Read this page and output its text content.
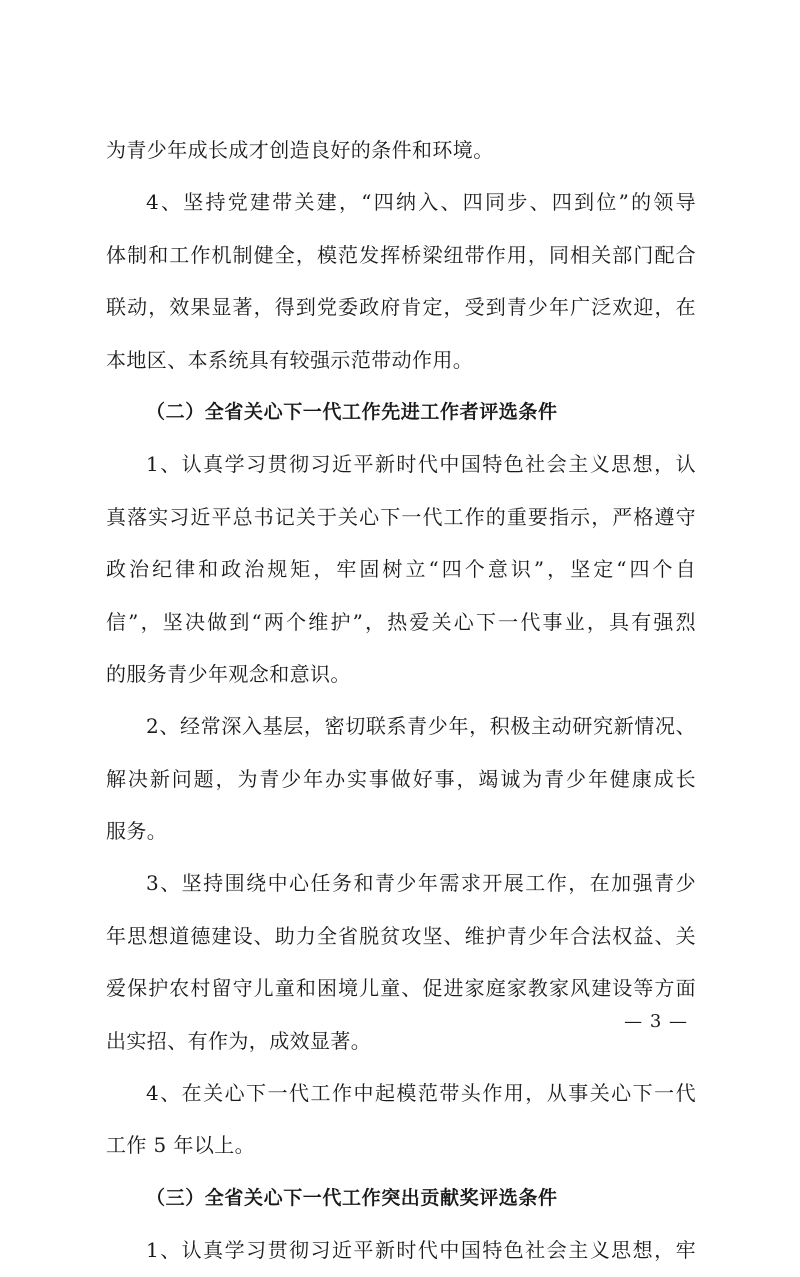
为青少年成长成才创造良好的条件和环境。
4、坚持党建带关建，“四纳入、四同步、四到位”的领导
体制和工作机制健全，模范发挥桥梁纽带作用，同相关部门配合
联动，效果显著，得到党委政府肯定，受到青少年广泛欢迎，在
本地区、本系统具有较强示范带动作用。
（二）全省关心下一代工作先进工作者评选条件
1、认真学习贯彻习近平新时代中国特色社会主义思想，认
真落实习近平总书记关于关心下一代工作的重要指示，严格遵守
政治纪律和政治规矩，牢固树立“四个意识”，坚定“四个自
信”，坚决做到“两个维护”，热爱关心下一代事业，具有强烈
的服务青少年观念和意识。
2、经常深入基层，密切联系青少年，积极主动研究新情况、
解决新问题，为青少年办实事做好事，竭诚为青少年健康成长
服务。
3、坚持围绕中心任务和青少年需求开展工作，在加强青少
年思想道德建设、助力全省脱贫攻坚、维护青少年合法权益、关
爱保护农村留守儿童和困境儿童、促进家庭家教家风建设等方面
出实招、有作为，成效显著。
4、在关心下一代工作中起模范带头作用，从事关心下一代
工作 5 年以上。
（三）全省关心下一代工作突出贡献奖评选条件
1、认真学习贯彻习近平新时代中国特色社会主义思想，牢
— 3 —
